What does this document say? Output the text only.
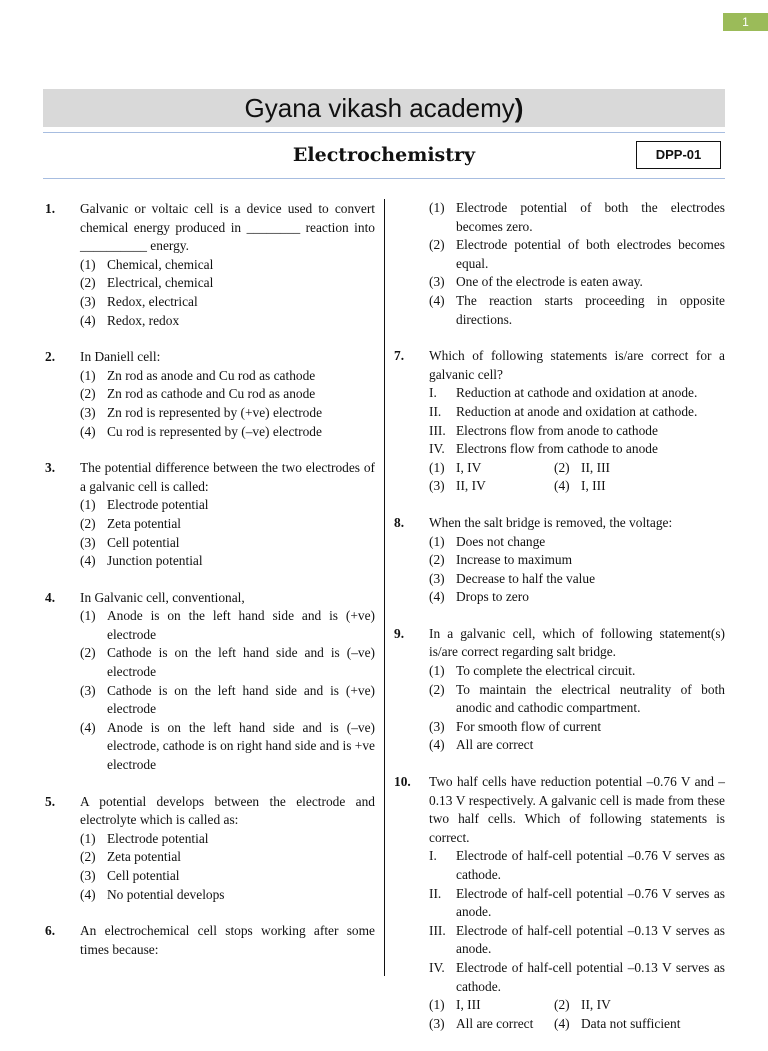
1
Gyana vikash academy)
Electrochemistry	DPP-01
1.	Galvanic or voltaic cell is a device used to convert chemical energy produced in ________ reaction into __________ energy.
(1) Chemical, chemical
(2) Electrical, chemical
(3) Redox, electrical
(4) Redox, redox
2.	In Daniell cell:
(1) Zn rod as anode and Cu rod as cathode
(2) Zn rod as cathode and Cu rod as anode
(3) Zn rod is represented by (+ve) electrode
(4) Cu rod is represented by (–ve) electrode
3.	The potential difference between the two electrodes of a galvanic cell is called:
(1) Electrode potential
(2) Zeta potential
(3) Cell potential
(4) Junction potential
4.	In Galvanic cell, conventional,
(1) Anode is on the left hand side and is (+ve) electrode
(2) Cathode is on the left hand side and is (–ve) electrode
(3) Cathode is on the left hand side and is (+ve) electrode
(4) Anode is on the left hand side and is (–ve) electrode, cathode is on right hand side and is +ve electrode
5.	A potential develops between the electrode and electrolyte which is called as:
(1) Electrode potential
(2) Zeta potential
(3) Cell potential
(4) No potential develops
6.	An electrochemical cell stops working after some times because:
(1) Electrode potential of both the electrodes becomes zero.
(2) Electrode potential of both electrodes becomes equal.
(3) One of the electrode is eaten away.
(4) The reaction starts proceeding in opposite directions.
7.	Which of following statements is/are correct for a galvanic cell?
I.	Reduction at cathode and oxidation at anode.
II.	Reduction at anode and oxidation at cathode.
III. Electrons flow from anode to cathode
IV. Electrons flow from cathode to anode
(1) I, IV	(2) II, III
(3) II, IV	(4) I, III
8.	When the salt bridge is removed, the voltage:
(1) Does not change
(2) Increase to maximum
(3) Decrease to half the value
(4) Drops to zero
9.	In a galvanic cell, which of following statement(s) is/are correct regarding salt bridge.
(1) To complete the electrical circuit.
(2) To maintain the electrical neutrality of both anodic and cathodic compartment.
(3) For smooth flow of current
(4) All are correct
10.	Two half cells have reduction potential –0.76 V and –0.13 V respectively. A galvanic cell is made from these two half cells. Which of following statements is correct.
I.	Electrode of half-cell potential –0.76 V serves as cathode.
II.	Electrode of half-cell potential –0.76 V serves as anode.
III. Electrode of half-cell potential –0.13 V serves as anode.
IV. Electrode of half-cell potential –0.13 V serves as cathode.
(1) I, III	(2) II, IV
(3) All are correct (4) Data not sufficient
